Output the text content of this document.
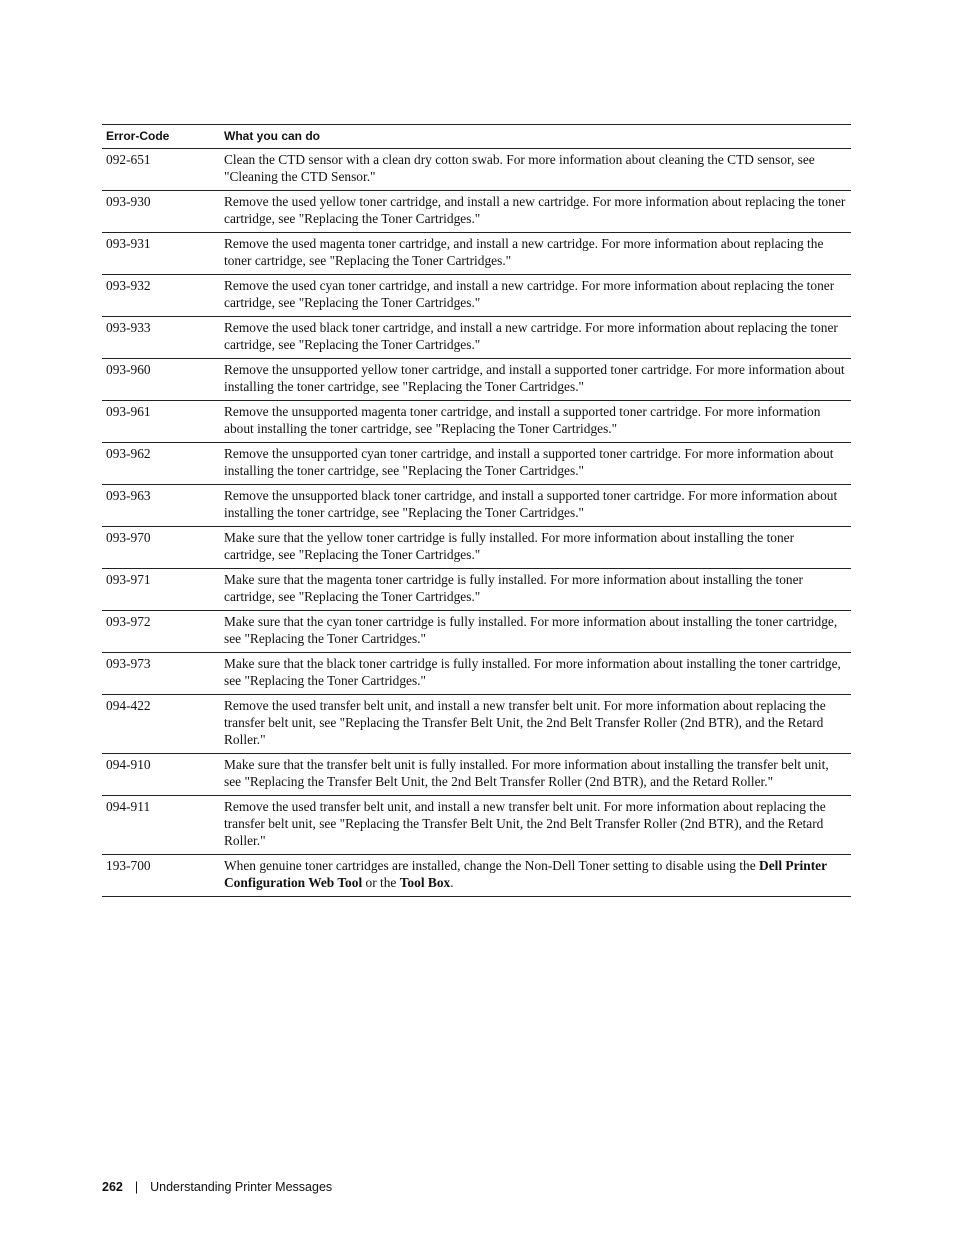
Error-Code	What you can do
092-651	Clean the CTD sensor with a clean dry cotton swab. For more information about cleaning the CTD sensor, see "Cleaning the CTD Sensor."
093-930	Remove the used yellow toner cartridge, and install a new cartridge. For more information about replacing the toner cartridge, see "Replacing the Toner Cartridges."
093-931	Remove the used magenta toner cartridge, and install a new cartridge. For more information about replacing the toner cartridge, see "Replacing the Toner Cartridges."
093-932	Remove the used cyan toner cartridge, and install a new cartridge. For more information about replacing the toner cartridge, see "Replacing the Toner Cartridges."
093-933	Remove the used black toner cartridge, and install a new cartridge. For more information about replacing the toner cartridge, see "Replacing the Toner Cartridges."
093-960	Remove the unsupported yellow toner cartridge, and install a supported toner cartridge. For more information about installing the toner cartridge, see "Replacing the Toner Cartridges."
093-961	Remove the unsupported magenta toner cartridge, and install a supported toner cartridge. For more information about installing the toner cartridge, see "Replacing the Toner Cartridges."
093-962	Remove the unsupported cyan toner cartridge, and install a supported toner cartridge. For more information about installing the toner cartridge, see "Replacing the Toner Cartridges."
093-963	Remove the unsupported black toner cartridge, and install a supported toner cartridge. For more information about installing the toner cartridge, see "Replacing the Toner Cartridges."
093-970	Make sure that the yellow toner cartridge is fully installed. For more information about installing the toner cartridge, see "Replacing the Toner Cartridges."
093-971	Make sure that the magenta toner cartridge is fully installed. For more information about installing the toner cartridge, see "Replacing the Toner Cartridges."
093-972	Make sure that the cyan toner cartridge is fully installed. For more information about installing the toner cartridge, see "Replacing the Toner Cartridges."
093-973	Make sure that the black toner cartridge is fully installed. For more information about installing the toner cartridge, see "Replacing the Toner Cartridges."
094-422	Remove the used transfer belt unit, and install a new transfer belt unit. For more information about replacing the transfer belt unit, see "Replacing the Transfer Belt Unit, the 2nd Belt Transfer Roller (2nd BTR), and the Retard Roller."
094-910	Make sure that the transfer belt unit is fully installed. For more information about installing the transfer belt unit, see "Replacing the Transfer Belt Unit, the 2nd Belt Transfer Roller (2nd BTR), and the Retard Roller."
094-911	Remove the used transfer belt unit, and install a new transfer belt unit. For more information about replacing the transfer belt unit, see "Replacing the Transfer Belt Unit, the 2nd Belt Transfer Roller (2nd BTR), and the Retard Roller."
193-700	When genuine toner cartridges are installed, change the Non-Dell Toner setting to disable using the Dell Printer Configuration Web Tool or the Tool Box.
262 | Understanding Printer Messages
